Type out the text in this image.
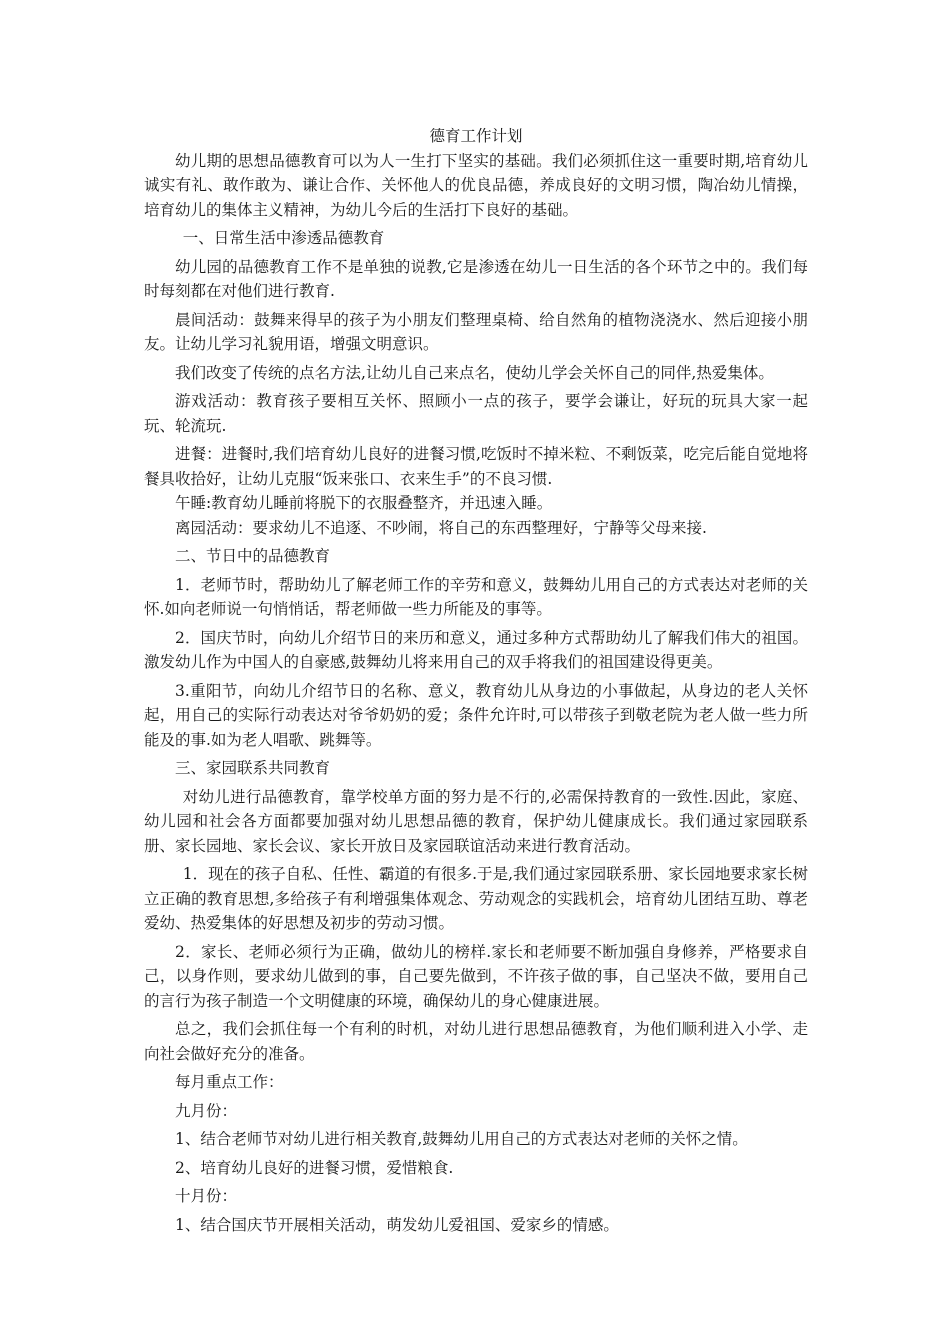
德育工作计划

幼儿期的思想品德教育可以为人一生打下坚实的基础。我们必须抓住这一重要时期,培育幼儿诚实有礼、敢作敢为、谦让合作、关怀他人的优良品德，养成良好的文明习惯，陶冶幼儿情操，培育幼儿的集体主义精神，为幼儿今后的生活打下良好的基础。

一、日常生活中渗透品德教育

幼儿园的品德教育工作不是单独的说教,它是渗透在幼儿一日生活的各个环节之中的。我们每时每刻都在对他们进行教育.

晨间活动：鼓舞来得早的孩子为小朋友们整理桌椅、给自然角的植物浇浇水、然后迎接小朋友。让幼儿学习礼貌用语，增强文明意识。

我们改变了传统的点名方法,让幼儿自己来点名，使幼儿学会关怀自己的同伴,热爱集体。

游戏活动：教育孩子要相互关怀、照顾小一点的孩子，要学会谦让，好玩的玩具大家一起玩、轮流玩.

进餐：进餐时,我们培育幼儿良好的进餐习惯,吃饭时不掉米粒、不剩饭菜，吃完后能自觉地将餐具收拾好，让幼儿克服“饭来张口、衣来生手”的不良习惯.

午睡:教育幼儿睡前将脱下的衣服叠整齐，并迅速入睡。

离园活动：要求幼儿不追逐、不吵闹，将自己的东西整理好，宁静等父母来接.

二、节日中的品德教育

1．老师节时，帮助幼儿了解老师工作的辛劳和意义，鼓舞幼儿用自己的方式表达对老师的关怀.如向老师说一句悄悄话，帮老师做一些力所能及的事等。

2．国庆节时，向幼儿介绍节日的来历和意义，通过多种方式帮助幼儿了解我们伟大的祖国。激发幼儿作为中国人的自豪感,鼓舞幼儿将来用自己的双手将我们的祖国建设得更美。

3.重阳节，向幼儿介绍节日的名称、意义，教育幼儿从身边的小事做起，从身边的老人关怀起，用自己的实际行动表达对爷爷奶奶的爱；条件允许时,可以带孩子到敬老院为老人做一些力所能及的事.如为老人唱歌、跳舞等。

三、家园联系共同教育

对幼儿进行品德教育，靠学校单方面的努力是不行的,必需保持教育的一致性.因此，家庭、幼儿园和社会各方面都要加强对幼儿思想品德的教育，保护幼儿健康成长。我们通过家园联系册、家长园地、家长会议、家长开放日及家园联谊活动来进行教育活动。

1．现在的孩子自私、任性、霸道的有很多.于是,我们通过家园联系册、家长园地要求家长树立正确的教育思想,多给孩子有利增强集体观念、劳动观念的实践机会，培育幼儿团结互助、尊老爱幼、热爱集体的好思想及初步的劳动习惯。

2．家长、老师必须行为正确，做幼儿的榜样.家长和老师要不断加强自身修养，严格要求自己，以身作则，要求幼儿做到的事，自己要先做到，不许孩子做的事，自己坚决不做，要用自己的言行为孩子制造一个文明健康的环境，确保幼儿的身心健康进展。

总之，我们会抓住每一个有利的时机，对幼儿进行思想品德教育，为他们顺利进入小学、走向社会做好充分的准备。

每月重点工作：

九月份：

1、结合老师节对幼儿进行相关教育,鼓舞幼儿用自己的方式表达对老师的关怀之情。

2、培育幼儿良好的进餐习惯，爱惜粮食.

十月份：

1、结合国庆节开展相关活动，萌发幼儿爱祖国、爱家乡的情感。
